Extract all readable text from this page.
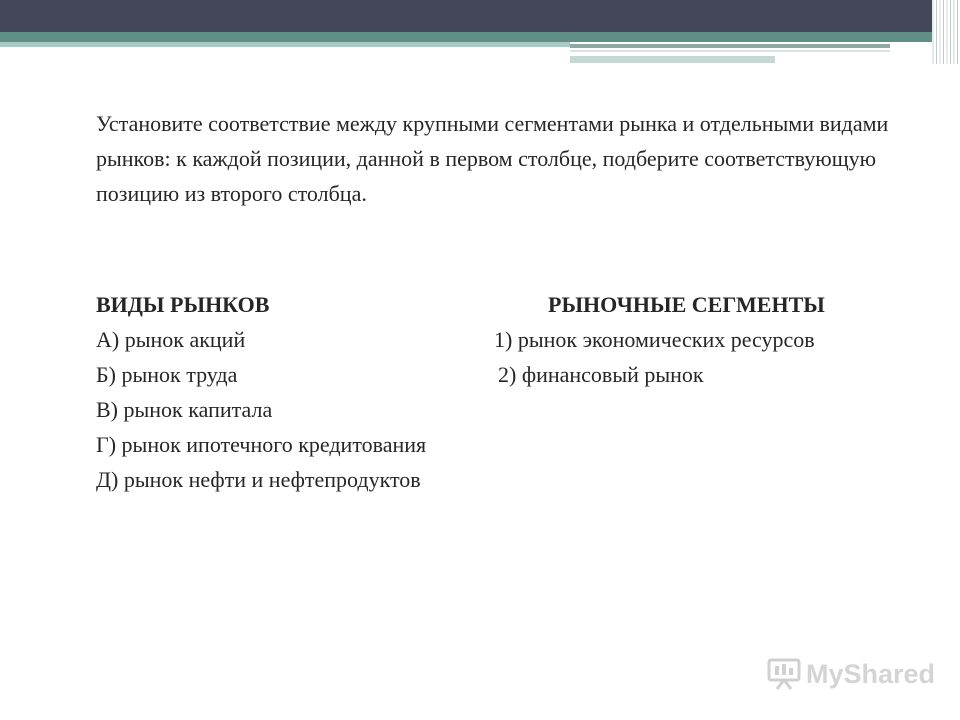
Установите соответствие между крупными сегментами рынка и отдельными видами рынков: к каждой позиции, данной в первом столбце, подберите соответствующую позицию из второго столбца.

ВИДЫ РЫНКОВ	РЫНОЧНЫЕ СЕГМЕНТЫ
А) рынок акций
Б) рынок труда
В) рынок капитала
Г) рынок ипотечного кредитования
Д) рынок нефти и нефтепродуктов
1) рынок экономических ресурсов
2) финансовый рынок
MyShared
